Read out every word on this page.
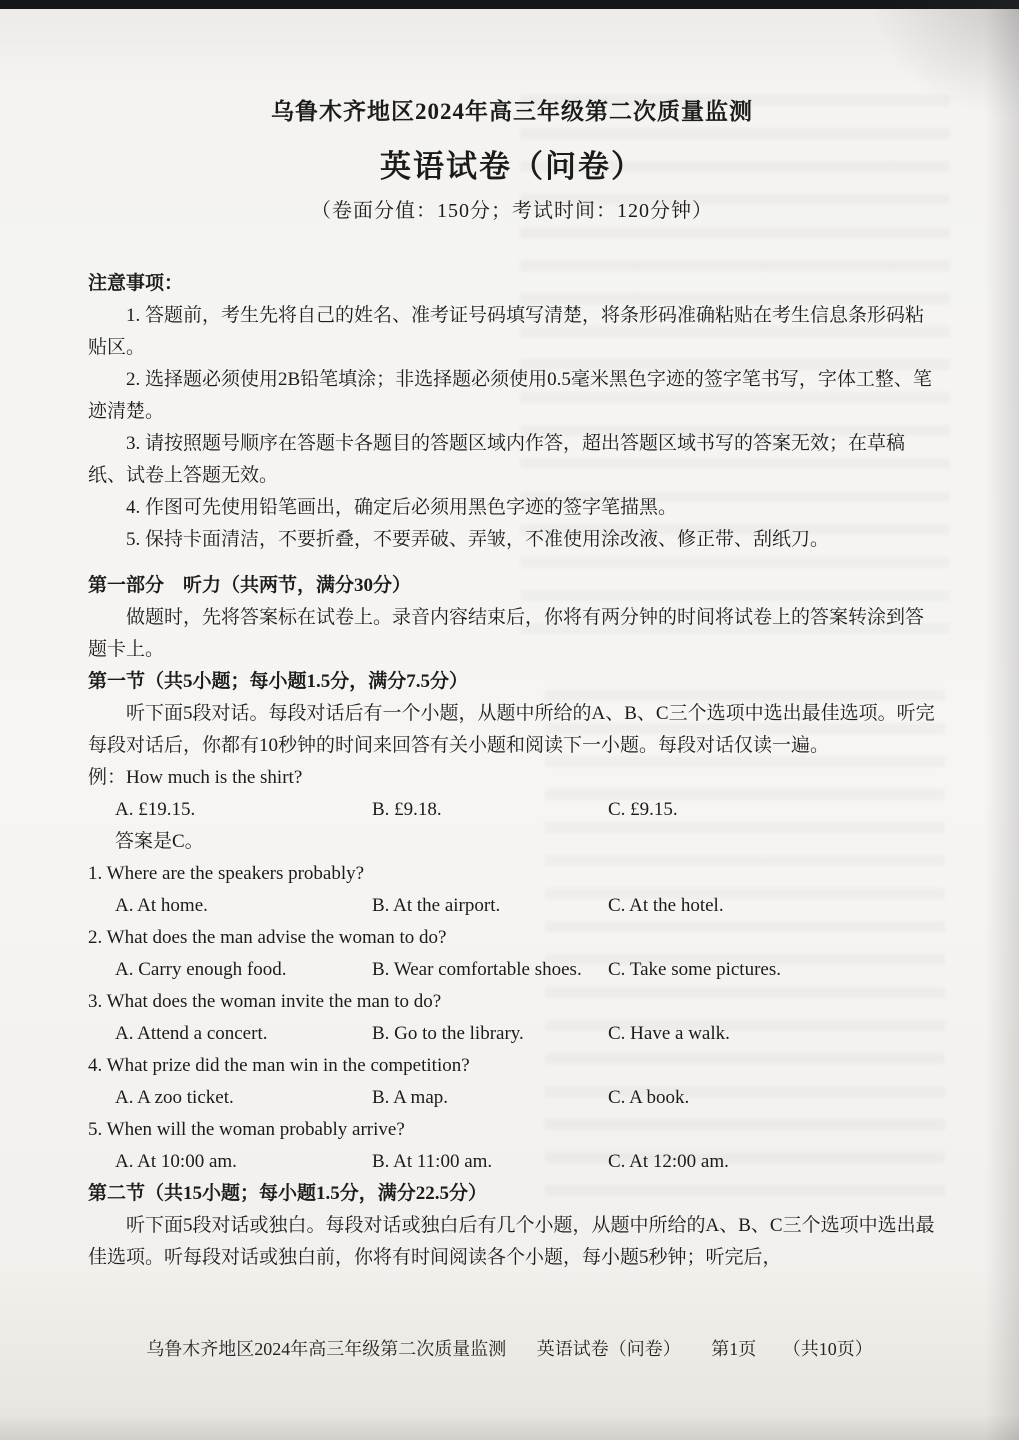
乌鲁木齐地区2024年高三年级第二次质量监测
英语试卷（问卷）
（卷面分值：150分；考试时间：120分钟）

注意事项：

1. 答题前，考生先将自己的姓名、准考证号码填写清楚，将条形码准确粘贴在考生信息条形码粘贴区。

2. 选择题必须使用2B铅笔填涂；非选择题必须使用0.5毫米黑色字迹的签字笔书写，字体工整、笔迹清楚。

3. 请按照题号顺序在答题卡各题目的答题区域内作答，超出答题区域书写的答案无效；在草稿纸、试卷上答题无效。

4. 作图可先使用铅笔画出，确定后必须用黑色字迹的签字笔描黑。

5. 保持卡面清洁，不要折叠，不要弄破、弄皱，不准使用涂改液、修正带、刮纸刀。

第一部分　听力（共两节，满分30分）

做题时，先将答案标在试卷上。录音内容结束后，你将有两分钟的时间将试卷上的答案转涂到答题卡上。

第一节（共5小题；每小题1.5分，满分7.5分）

听下面5段对话。每段对话后有一个小题，从题中所给的A、B、C三个选项中选出最佳选项。听完每段对话后，你都有10秒钟的时间来回答有关小题和阅读下一小题。每段对话仅读一遍。

例：How much is the shirt?

A. £19.15.	B. £9.18.	C. £9.15.

答案是C。

1. Where are the speakers probably?

A. At home.	B. At the airport.	C. At the hotel.

2. What does the man advise the woman to do?

A. Carry enough food.	B. Wear comfortable shoes.	C. Take some pictures.

3. What does the woman invite the man to do?

A. Attend a concert.	B. Go to the library.	C. Have a walk.

4. What prize did the man win in the competition?

A. A zoo ticket.	B. A map.	C. A book.

5. When will the woman probably arrive?

A. At 10:00 am.	B. At 11:00 am.	C. At 12:00 am.

第二节（共15小题；每小题1.5分，满分22.5分）

听下面5段对话或独白。每段对话或独白后有几个小题，从题中所给的A、B、C三个选项中选出最佳选项。听每段对话或独白前，你将有时间阅读各个小题，每小题5秒钟；听完后，

乌鲁木齐地区2024年高三年级第二次质量监测 英语试卷（问卷） 第1页 （共10页）
